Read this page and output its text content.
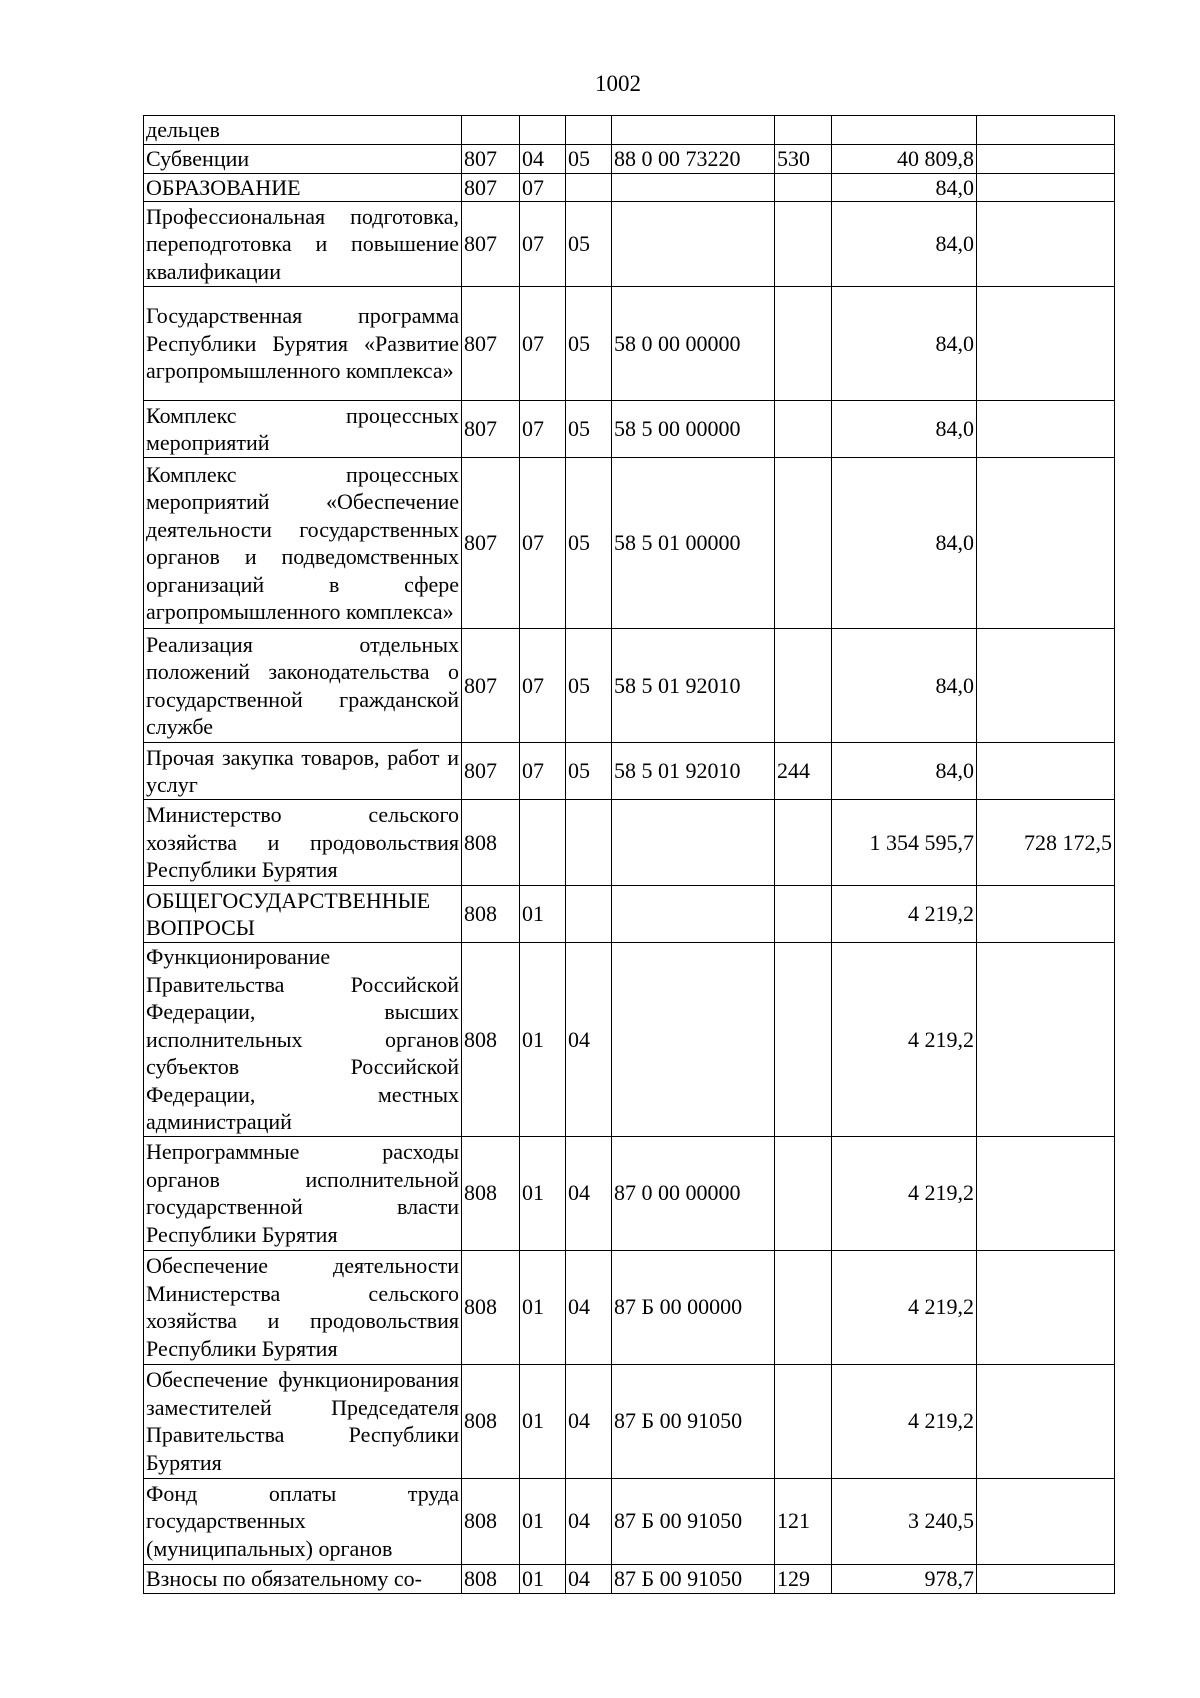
1002
дельцев							
Субвенции	807	04	05	88 0 00 73220	530	40 809,8	
ОБРАЗОВАНИЕ	807	07				84,0	
Профессиональная подготовка, переподготовка и повышение квалификации	807	07	05			84,0	
Государственная программа Республики Бурятия «Развитие агропромышленного комплекса»	807	07	05	58 0 00 00000		84,0	
Комплекс процессных мероприятий	807	07	05	58 5 00 00000		84,0	
Комплекс процессных мероприятий «Обеспечение деятельности государственных органов и подведомственных организаций в сфере агропромышленного комплекса»	807	07	05	58 5 01 00000		84,0	
Реализация отдельных положений законодательства о государственной гражданской службе	807	07	05	58 5 01 92010		84,0	
Прочая закупка товаров, работ и услуг	807	07	05	58 5 01 92010	244	84,0	
Министерство сельского хозяйства и продовольствия Республики Бурятия	808					1 354 595,7	728 172,5
ОБЩЕГОСУДАРСТВЕННЫЕ ВОПРОСЫ	808	01				4 219,2	
Функционирование Правительства Российской Федерации, высших исполнительных органов субъектов Российской Федерации, местных администраций	808	01	04			4 219,2	
Непрограммные расходы органов исполнительной государственной власти Республики Бурятия	808	01	04	87 0 00 00000		4 219,2	
Обеспечение деятельности Министерства сельского хозяйства и продовольствия Республики Бурятия	808	01	04	87 Б 00 00000		4 219,2	
Обеспечение функционирования заместителей Председателя Правительства Республики Бурятия	808	01	04	87 Б 00 91050		4 219,2	
Фонд оплаты труда государственных (муниципальных) органов	808	01	04	87 Б 00 91050	121	3 240,5	
Взносы по обязательному со-	808	01	04	87 Б 00 91050	129	978,7	
